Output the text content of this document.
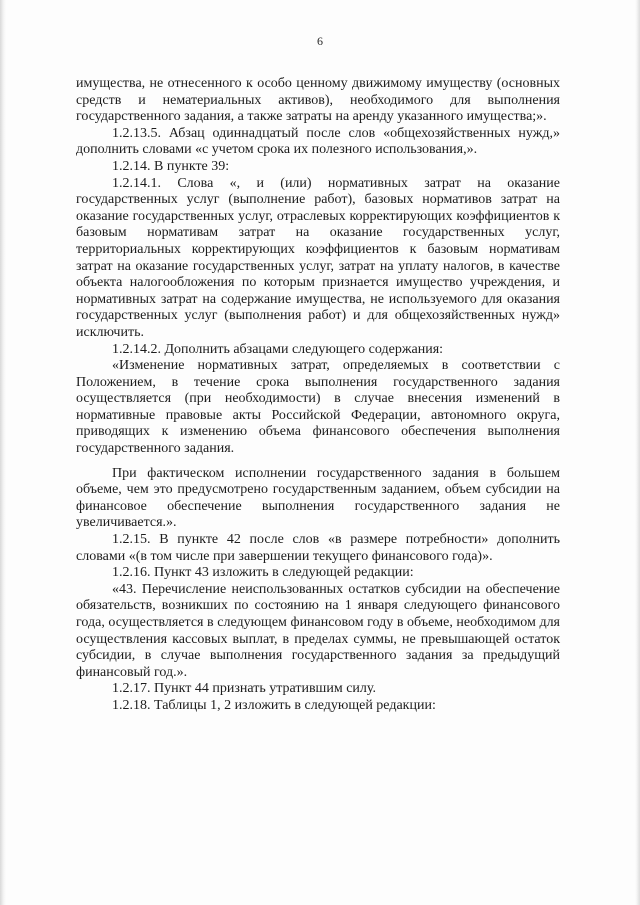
6

имущества, не отнесенного к особо ценному движимому имуществу (основных средств и нематериальных активов), необходимого для выполнения государственного задания, а также затраты на аренду указанного имущества;».

1.2.13.5. Абзац одиннадцатый после слов «общехозяйственных нужд,» дополнить словами «с учетом срока их полезного использования,».

1.2.14. В пункте 39:

1.2.14.1. Слова «, и (или) нормативных затрат на оказание государственных услуг (выполнение работ), базовых нормативов затрат на оказание государственных услуг, отраслевых корректирующих коэффициентов к базовым нормативам затрат на оказание государственных услуг, территориальных корректирующих коэффициентов к базовым нормативам затрат на оказание государственных услуг, затрат на уплату налогов, в качестве объекта налогообложения по которым признается имущество учреждения, и нормативных затрат на содержание имущества, не используемого для оказания государственных услуг (выполнения работ) и для общехозяйственных нужд» исключить.

1.2.14.2. Дополнить абзацами следующего содержания:

«Изменение нормативных затрат, определяемых в соответствии с Положением, в течение срока выполнения государственного задания осуществляется (при необходимости) в случае внесения изменений в нормативные правовые акты Российской Федерации, автономного округа, приводящих к изменению объема финансового обеспечения выполнения государственного задания.

При фактическом исполнении государственного задания в большем объеме, чем это предусмотрено государственным заданием, объем субсидии на финансовое обеспечение выполнения государственного задания не увеличивается.».

1.2.15. В пункте 42 после слов «в размере потребности» дополнить словами «(в том числе при завершении текущего финансового года)».

1.2.16. Пункт 43 изложить в следующей редакции:

«43. Перечисление неиспользованных остатков субсидии на обеспечение обязательств, возникших по состоянию на 1 января следующего финансового года, осуществляется в следующем финансовом году в объеме, необходимом для осуществления кассовых выплат, в пределах суммы, не превышающей остаток субсидии, в случае выполнения государственного задания за предыдущий финансовый год.».

1.2.17. Пункт 44 признать утратившим силу.

1.2.18. Таблицы 1, 2 изложить в следующей редакции:
